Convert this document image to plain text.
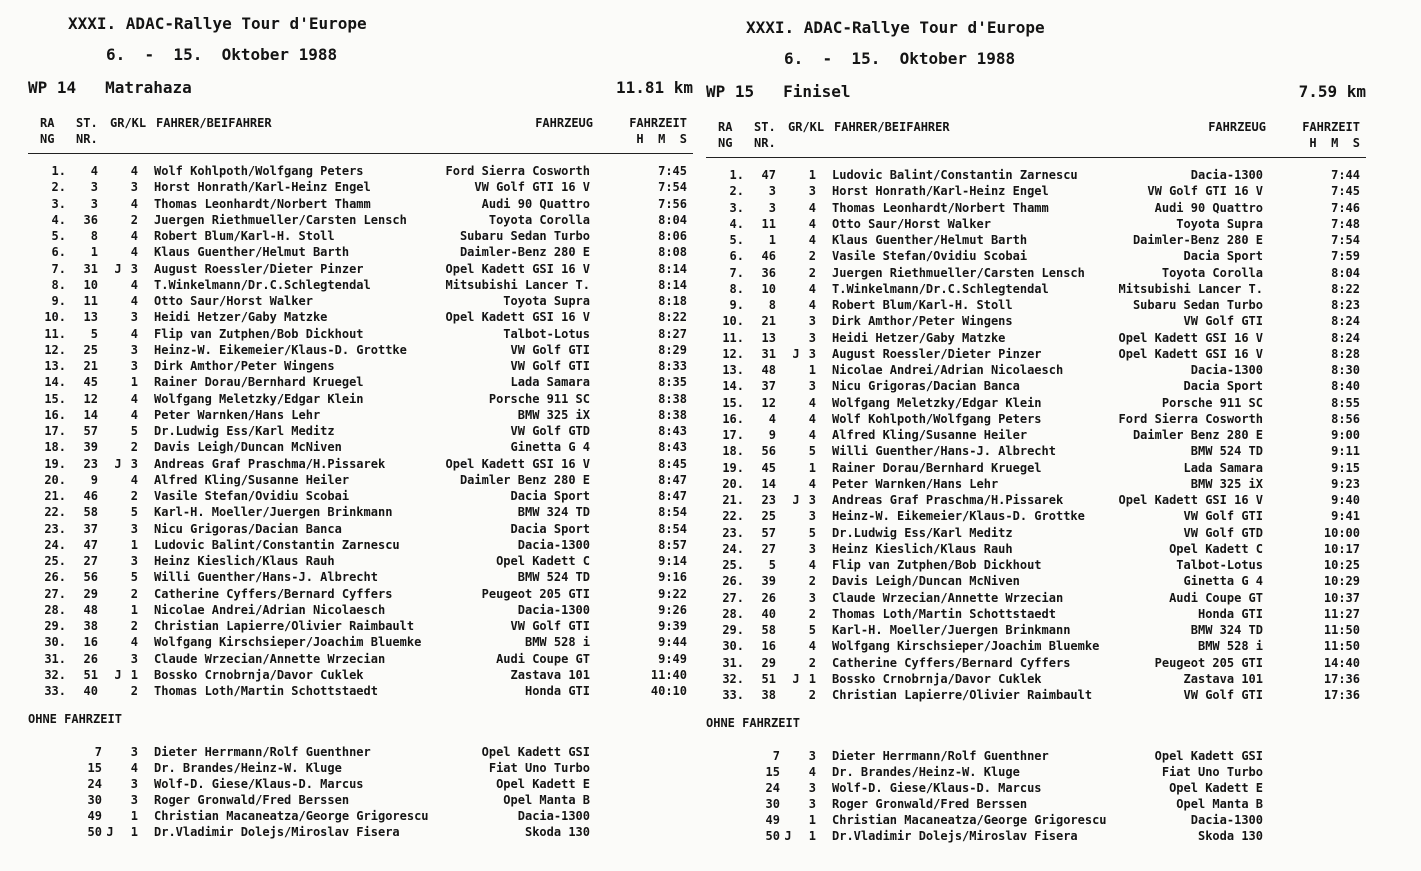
XXXI. ADAC-Rallye Tour d'Europe
6.  -  15.  Oktober 1988
WP 14   Matrahaza	11.81 km
RA
NG
ST.
NR.
GR/KL FAHRER/BEIFAHRER	FAHRZEUG	FAHRZEIT
H  M  S
1.	4	4 Wolf Kohlpoth/Wolfgang Peters	Ford Sierra Cosworth	7:45
2.	3	3 Horst Honrath/Karl-Heinz Engel	VW Golf GTI 16 V	7:54
3.	3	4 Thomas Leonhardt/Norbert Thamm	Audi 90 Quattro	7:56
4.	36	2 Juergen Riethmueller/Carsten Lensch	Toyota Corolla	8:04
5.	8	4 Robert Blum/Karl-H. Stoll	Subaru Sedan Turbo	8:06
6.	1	4 Klaus Guenther/Helmut Barth	Daimler-Benz 280 E	8:08
7.	31 J 3 August Roessler/Dieter Pinzer	Opel Kadett GSI 16 V	8:14
8.	10	4 T.Winkelmann/Dr.C.Schlegtendal	Mitsubishi Lancer T.	8:14
9.	11	4 Otto Saur/Horst Walker	Toyota Supra	8:18
10.	13	3 Heidi Hetzer/Gaby Matzke	Opel Kadett GSI 16 V	8:22
11.	5	4 Flip van Zutphen/Bob Dickhout	Talbot-Lotus	8:27
12.	25	3 Heinz-W. Eikemeier/Klaus-D. Grottke	VW Golf GTI	8:29
13.	21	3 Dirk Amthor/Peter Wingens	VW Golf GTI	8:33
14.	45	1 Rainer Dorau/Bernhard Kruegel	Lada Samara	8:35
15.	12	4 Wolfgang Meletzky/Edgar Klein	Porsche 911 SC	8:38
16.	14	4 Peter Warnken/Hans Lehr	BMW 325 iX	8:38
17.	57	5 Dr.Ludwig Ess/Karl Meditz	VW Golf GTD	8:43
18.	39	2 Davis Leigh/Duncan McNiven	Ginetta G 4	8:43
19.	23 J 3 Andreas Graf Praschma/H.Pissarek	Opel Kadett GSI 16 V	8:45
20.	9	4 Alfred Kling/Susanne Heiler	Daimler Benz 280 E	8:47
21.	46	2 Vasile Stefan/Ovidiu Scobai	Dacia Sport	8:47
22.	58	5 Karl-H. Moeller/Juergen Brinkmann	BMW 324 TD	8:54
23.	37	3 Nicu Grigoras/Dacian Banca	Dacia Sport	8:54
24.	47	1 Ludovic Balint/Constantin Zarnescu	Dacia-1300	8:57
25.	27	3 Heinz Kieslich/Klaus Rauh	Opel Kadett C	9:14
26.	56	5 Willi Guenther/Hans-J. Albrecht	BMW 524 TD	9:16
27.	29	2 Catherine Cyffers/Bernard Cyffers	Peugeot 205 GTI	9:22
28.	48	1 Nicolae Andrei/Adrian Nicolaesch	Dacia-1300	9:26
29.	38	2 Christian Lapierre/Olivier Raimbault	VW Golf GTI	9:39
30.	16	4 Wolfgang Kirschsieper/Joachim Bluemke	BMW 528 i	9:44
31.	26	3 Claude Wrzecian/Annette Wrzecian	Audi Coupe GT	9:49
32.	51 J 1 Bossko Crnobrnja/Davor Cuklek	Zastava 101	11:40
33.	40	2 Thomas Loth/Martin Schottstaedt	Honda GTI	40:10
OHNE FAHRZEIT
7	3 Dieter Herrmann/Rolf Guenthner	Opel Kadett GSI
15	4 Dr. Brandes/Heinz-W. Kluge	Fiat Uno Turbo
24	3 Wolf-D. Giese/Klaus-D. Marcus	Opel Kadett E
30	3 Roger Gronwald/Fred Berssen	Opel Manta B
49	1 Christian Macaneatza/George Grigorescu	Dacia-1300
50 J	1 Dr.Vladimir Dolejs/Miroslav Fisera	Skoda 130
XXXI. ADAC-Rallye Tour d'Europe
6.  -  15.  Oktober 1988
WP 15   Finisel	7.59 km
RA
NG
ST.
NR.
GR/KL FAHRER/BEIFAHRER	FAHRZEUG	FAHRZEIT
H  M  S
1.	47	1 Ludovic Balint/Constantin Zarnescu	Dacia-1300	7:44
2.	3	3 Horst Honrath/Karl-Heinz Engel	VW Golf GTI 16 V	7:45
3.	3	4 Thomas Leonhardt/Norbert Thamm	Audi 90 Quattro	7:46
4.	11	4 Otto Saur/Horst Walker	Toyota Supra	7:48
5.	1	4 Klaus Guenther/Helmut Barth	Daimler-Benz 280 E	7:54
6.	46	2 Vasile Stefan/Ovidiu Scobai	Dacia Sport	7:59
7.	36	2 Juergen Riethmueller/Carsten Lensch	Toyota Corolla	8:04
8.	10	4 T.Winkelmann/Dr.C.Schlegtendal	Mitsubishi Lancer T.	8:22
9.	8	4 Robert Blum/Karl-H. Stoll	Subaru Sedan Turbo	8:23
10.	21	3 Dirk Amthor/Peter Wingens	VW Golf GTI	8:24
11.	13	3 Heidi Hetzer/Gaby Matzke	Opel Kadett GSI 16 V	8:24
12.	31 J 3 August Roessler/Dieter Pinzer	Opel Kadett GSI 16 V	8:28
13.	48	1 Nicolae Andrei/Adrian Nicolaesch	Dacia-1300	8:30
14.	37	3 Nicu Grigoras/Dacian Banca	Dacia Sport	8:40
15.	12	4 Wolfgang Meletzky/Edgar Klein	Porsche 911 SC	8:55
16.	4	4 Wolf Kohlpoth/Wolfgang Peters	Ford Sierra Cosworth	8:56
17.	9	4 Alfred Kling/Susanne Heiler	Daimler Benz 280 E	9:00
18.	56	5 Willi Guenther/Hans-J. Albrecht	BMW 524 TD	9:11
19.	45	1 Rainer Dorau/Bernhard Kruegel	Lada Samara	9:15
20.	14	4 Peter Warnken/Hans Lehr	BMW 325 iX	9:23
21.	23 J 3 Andreas Graf Praschma/H.Pissarek	Opel Kadett GSI 16 V	9:40
22.	25	3 Heinz-W. Eikemeier/Klaus-D. Grottke	VW Golf GTI	9:41
23.	57	5 Dr.Ludwig Ess/Karl Meditz	VW Golf GTD	10:00
24.	27	3 Heinz Kieslich/Klaus Rauh	Opel Kadett C	10:17
25.	5	4 Flip van Zutphen/Bob Dickhout	Talbot-Lotus	10:25
26.	39	2 Davis Leigh/Duncan McNiven	Ginetta G 4	10:29
27.	26	3 Claude Wrzecian/Annette Wrzecian	Audi Coupe GT	10:37
28.	40	2 Thomas Loth/Martin Schottstaedt	Honda GTI	11:27
29.	58	5 Karl-H. Moeller/Juergen Brinkmann	BMW 324 TD	11:50
30.	16	4 Wolfgang Kirschsieper/Joachim Bluemke	BMW 528 i	11:50
31.	29	2 Catherine Cyffers/Bernard Cyffers	Peugeot 205 GTI	14:40
32.	51 J 1 Bossko Crnobrnja/Davor Cuklek	Zastava 101	17:36
33.	38	2 Christian Lapierre/Olivier Raimbault	VW Golf GTI	17:36
OHNE FAHRZEIT
7	3 Dieter Herrmann/Rolf Guenthner	Opel Kadett GSI
15	4 Dr. Brandes/Heinz-W. Kluge	Fiat Uno Turbo
24	3 Wolf-D. Giese/Klaus-D. Marcus	Opel Kadett E
30	3 Roger Gronwald/Fred Berssen	Opel Manta B
49	1 Christian Macaneatza/George Grigorescu	Dacia-1300
50 J	1 Dr.Vladimir Dolejs/Miroslav Fisera	Skoda 130
